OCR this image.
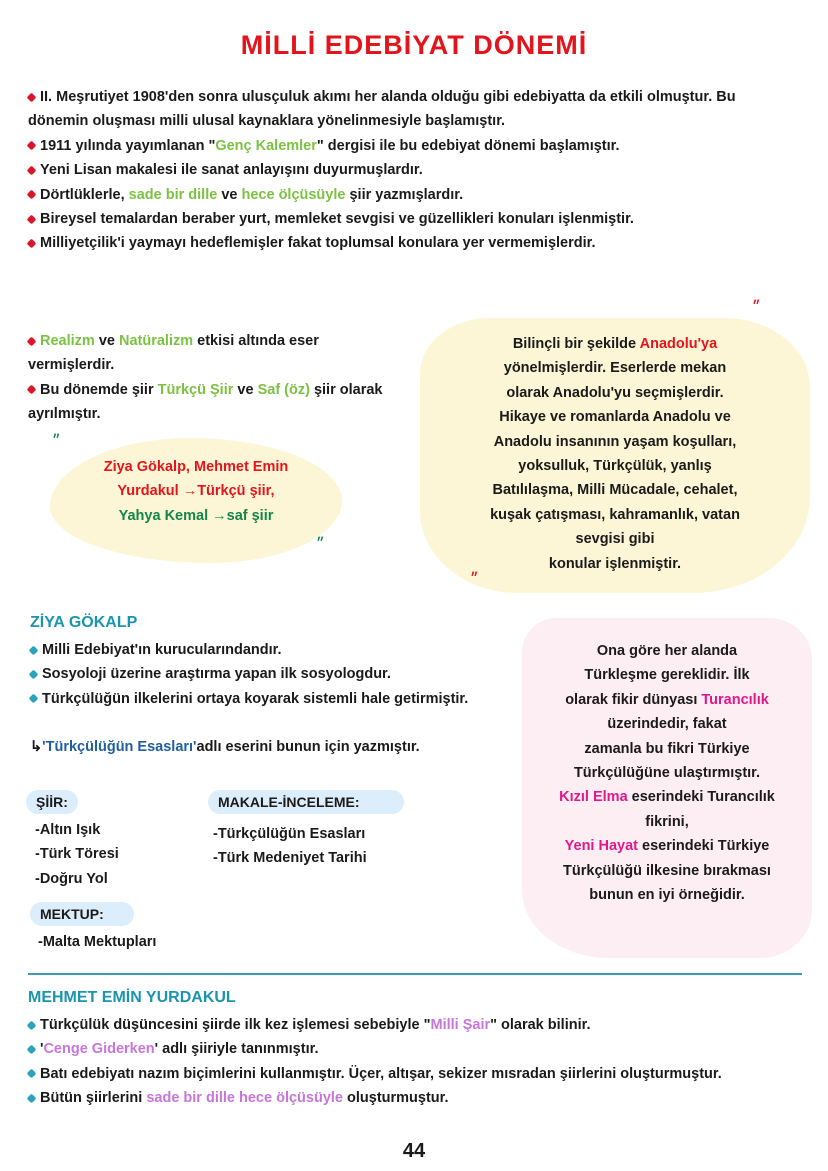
MİLLİ EDEBİYAT DÖNEMİ

II. Meşrutiyet 1908'den sonra ulusçuluk akımı her alanda olduğu gibi edebiyatta da etkili olmuştur. Bu dönemin oluşması milli ulusal kaynaklara yönelinmesiyle başlamıştır.

1911 yılında yayımlanan "Genç Kalemler" dergisi ile bu edebiyat dönemi başlamıştır.

Yeni Lisan makalesi ile sanat anlayışını duyurmuşlardır.

Dörtlüklerle, sade bir dille ve hece ölçüsüyle şiir yazmışlardır.

Bireysel temalardan beraber yurt, memleket sevgisi ve güzellikleri konuları işlenmiştir.

Milliyetçilik'i yaymayı hedeflemişler fakat toplumsal konulara yer vermemişlerdir.

Realizm ve Natüralizm etkisi altında eser vermişlerdir.

Bu dönemde şiir Türkçü Şiir ve Saf (öz) şiir olarak ayrılmıştır.

״
״

Ziya Gökalp, Mehmet Emin

Yurdakul →Türkçü şiir,

Yahya Kemal →saf şiir

״
״

Bilinçli bir şekilde Anadolu'ya

yönelmişlerdir. Eserlerde mekan

olarak Anadolu'yu seçmişlerdir.

Hikaye ve romanlarda Anadolu ve

Anadolu insanının yaşam koşulları,

yoksulluk, Türkçülük, yanlış

Batılılaşma, Milli Mücadale, cehalet,

kuşak çatışması, kahramanlık, vatan

sevgisi gibi

konular işlenmiştir.

ZİYA GÖKALP

Milli Edebiyat'ın kurucularındandır.

Sosyoloji üzerine araştırma yapan ilk sosyologdur.

Türkçülüğün ilkelerini ortaya koyarak sistemli hale getirmiştir.

↳'Türkçülüğün Esasları'adlı eserini bunun için yazmıştır.
ŞİİR:
-Altın Işık
-Türk Töresi
-Doğru Yol
MAKALE-İNCELEME:
-Türkçülüğün Esasları
-Türk Medeniyet Tarihi
MEKTUP:
-Malta Mektupları

Ona göre her alanda

Türkleşme gereklidir. İlk

olarak fikir dünyası Turancılık

üzerindedir, fakat

zamanla bu fikri Türkiye

Türkçülüğüne ulaştırmıştır.

Kızıl Elma eserindeki Turancılık

fikrini,

Yeni Hayat eserindeki Türkiye

Türkçülüğü ilkesine bırakması

bunun en iyi örneğidir.

MEHMET EMİN YURDAKUL

Türkçülük düşüncesini şiirde ilk kez işlemesi sebebiyle "Milli Şair" olarak bilinir.

'Cenge Giderken' adlı şiiriyle tanınmıştır.

Batı edebiyatı nazım biçimlerini kullanmıştır. Üçer, altışar, sekizer mısradan şiirlerini oluşturmuştur.

Bütün şiirlerini sade bir dille hece ölçüsüyle oluşturmuştur.

44
